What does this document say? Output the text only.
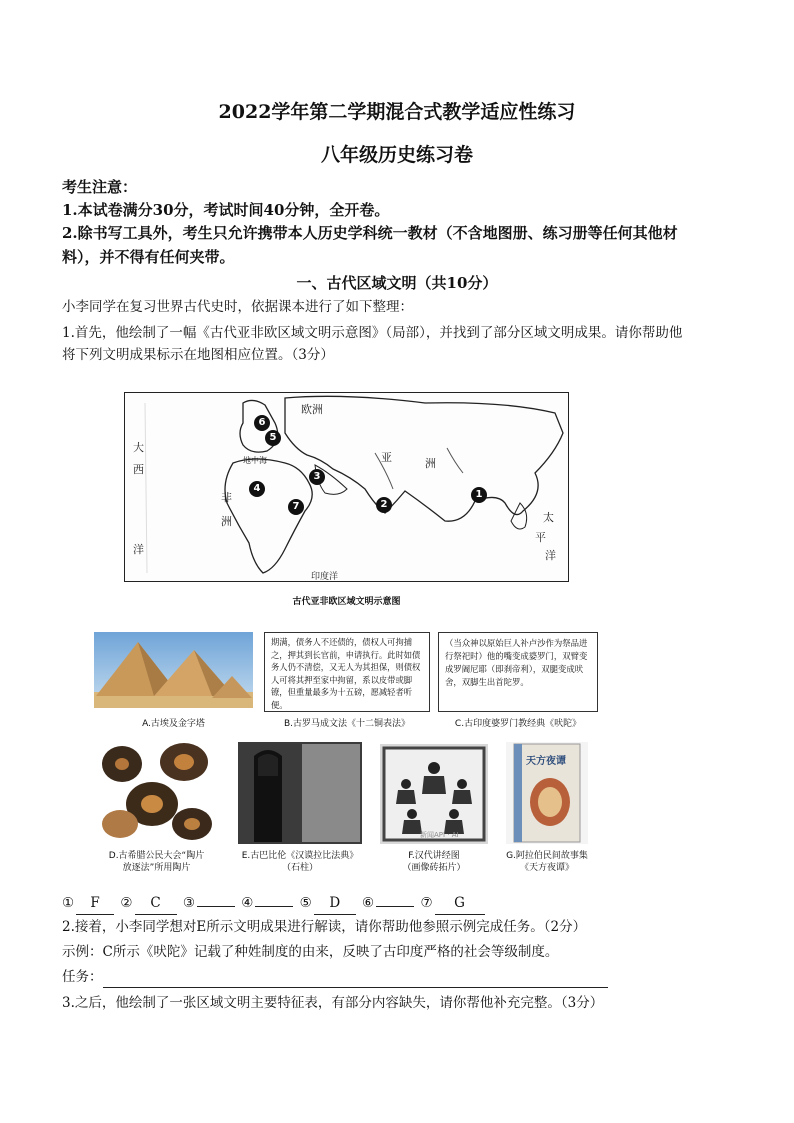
2022学年第二学期混合式教学适应性练习
八年级历史练习卷
考生注意：
1.本试卷满分30分，考试时间40分钟，全开卷。
2.除书写工具外，考生只允许携带本人历史学科统一教材（不含地图册、练习册等任何其他材
料），并不得有任何夹带。
一、古代区域文明（共10分）
小李同学在复习世界古代史时，依据课本进行了如下整理：
1.首先，他绘制了一幅《古代亚非欧区域文明示意图》（局部），并找到了部分区域文明成果。请你帮助他
将下列文明成果标示在地图相应位置。（3分）
大
西
洋
欧洲
亚	洲
地中海
非
洲
印度洋
太
平
洋
1
2
3
4
5
6
7
古代亚非欧区域文明示意图
A.古埃及金字塔
期满，债务人不还债的，债权人可拘捕之，押其到长官前，申请执行。此时如债务人仍不清偿，又无人为其担保，则债权人可将其押至家中拘留，系以皮带或脚镣，但重量最多为十五磅，愿减轻者听便。
B.古罗马成文法《十二铜表法》
（当众神以原始巨人补卢沙作为祭品进行祭祀时）他的嘴变成婆罗门，双臂变成罗阇尼耶（即刹帝利），双腿变成吠舍，双脚生出首陀罗。
C.古印度婆罗门教经典《吠陀》
D.古希腊公民大会“陶片
放逐法”所用陶片
E.古巴比伦《汉谟拉比法典》
（石柱）
新闻API · AI
F.汉代讲经图
（画像砖拓片）
天方夜谭
G.阿拉伯民间故事集
《天方夜谭》
① F ② C ③	④	⑤ D ⑥	⑦ G
2.接着，小李同学想对E所示文明成果进行解读，请你帮助他参照示例完成任务。（2分）
示例：C所示《吠陀》记载了种姓制度的由来，反映了古印度严格的社会等级制度。
任务：
3.之后，他绘制了一张区域文明主要特征表，有部分内容缺失，请你帮他补充完整。（3分）
